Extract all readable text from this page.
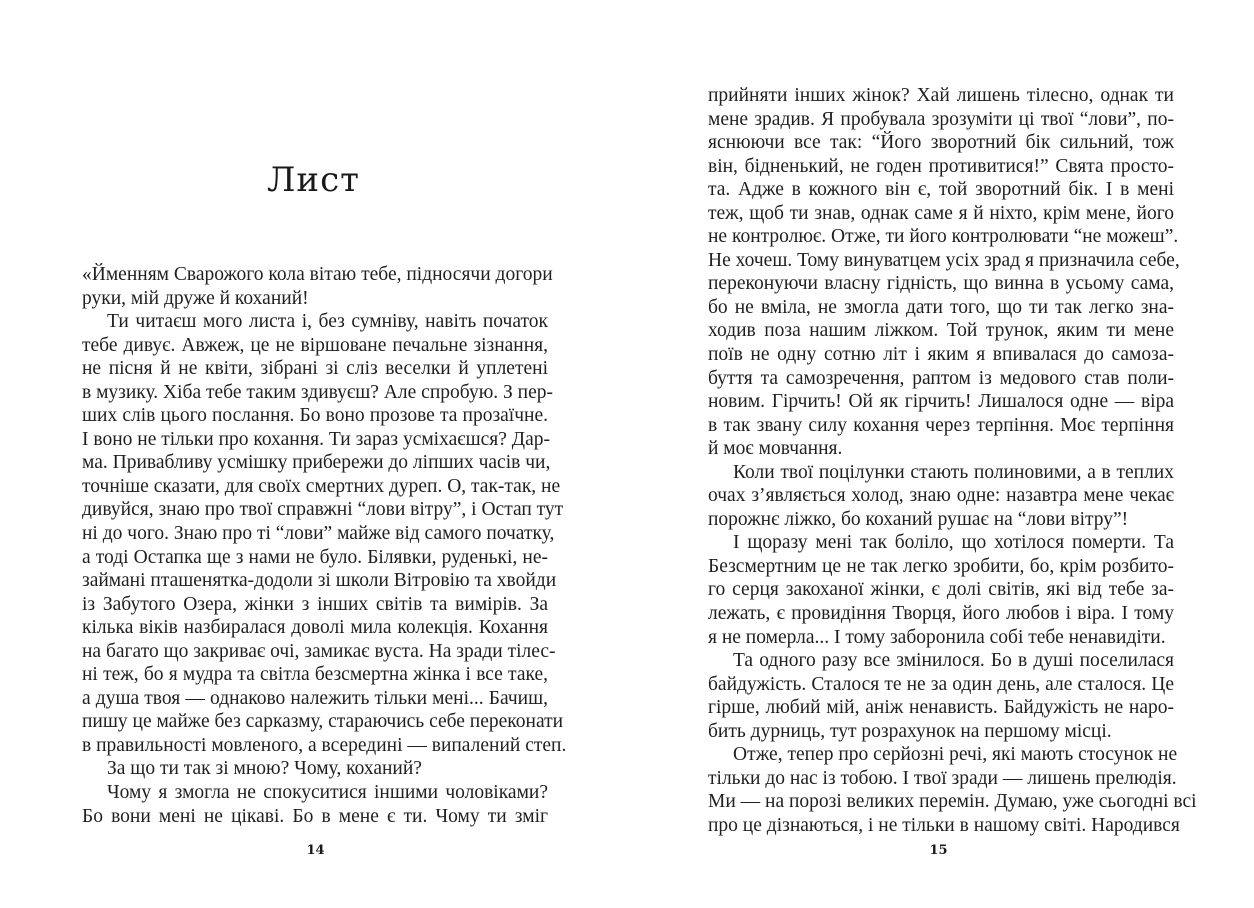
Лист
«Йменням Сварожого кола вітаю тебе, підносячи догори
руки, мій друже й коханий!
Ти читаєш мого листа і, без сумніву, навіть початок
тебе дивує. Авжеж, це не віршоване печальне зізнання,
не пісня й не квіти, зібрані зі сліз веселки й уплетені
в музику. Хіба тебе таким здивуєш? Але спробую. З пер-
ших слів цього послання. Бо воно прозове та прозаїчне.
І воно не тільки про кохання. Ти зараз усміхаєшся? Дар-
ма. Привабливу усмішку прибережи до ліпших часів чи,
точніше сказати, для своїх смертних дуреп. О, так-так, не
дивуйся, знаю про твої справжні “лови вітру”, і Остап тут
ні до чого. Знаю про ті “лови” майже від самого початку,
а тоді Остапка ще з нами не було. Білявки, руденькі, не-
займані пташенятка-додоли зі школи Вітровію та хвойди
із Забутого Озера, жінки з інших світів та вимірів. За
кілька віків назбиралася доволі мила колекція. Кохання
на багато що закриває очі, замикає вуста. На зради тілес-
ні теж, бо я мудра та світла безсмертна жінка і все таке,
а душа твоя — однаково належить тільки мені... Бачиш,
пишу це майже без сарказму, стараючись себе переконати
в правильності мовленого, а всередині — випалений степ.
За що ти так зі мною? Чому, коханий?
Чому я змогла не спокуситися іншими чоловіками?
Бо вони мені не цікаві. Бо в мене є ти. Чому ти зміг
14
прийняти інших жінок? Хай лишень тілесно, однак ти
мене зрадив. Я пробувала зрозуміти ці твої “лови”, по-
яснюючи все так: “Його зворотний бік сильний, тож
він, бідненький, не годен противитися!” Свята просто-
та. Адже в кожного він є, той зворотний бік. І в мені
теж, щоб ти знав, однак саме я й ніхто, крім мене, його
не контролює. Отже, ти його контролювати “не можеш”.
Не хочеш. Тому винуватцем усіх зрад я призначила себе,
переконуючи власну гідність, що винна в усьому сама,
бо не вміла, не змогла дати того, що ти так легко зна-
ходив поза нашим ліжком. Той трунок, яким ти мене
поїв не одну сотню літ і яким я впивалася до самоза-
буття та самозречення, раптом із медового став поли-
новим. Гірчить! Ой як гірчить! Лишалося одне — віра
в так звану силу кохання через терпіння. Моє терпіння
й моє мовчання.
Коли твої поцілунки стають полиновими, а в теплих
очах з’являється холод, знаю одне: назавтра мене чекає
порожнє ліжко, бо коханий рушає на “лови вітру”!
І щоразу мені так боліло, що хотілося померти. Та
Безсмертним це не так легко зробити, бо, крім розбито-
го серця закоханої жінки, є долі світів, які від тебе за-
лежать, є провидіння Творця, його любов і віра. І тому
я не померла... І тому заборонила собі тебе ненавидіти.
Та одного разу все змінилося. Бо в душі поселилася
байдужість. Сталося те не за один день, але сталося. Це
гірше, любий мій, аніж ненависть. Байдужість не наро-
бить дурниць, тут розрахунок на першому місці.
Отже, тепер про серйозні речі, які мають стосунок не
тільки до нас із тобою. І твої зради — лишень прелюдія.
Ми — на порозі великих перемін. Думаю, уже сьогодні всі
про це дізнаються, і не тільки в нашому світі. Народився
15
